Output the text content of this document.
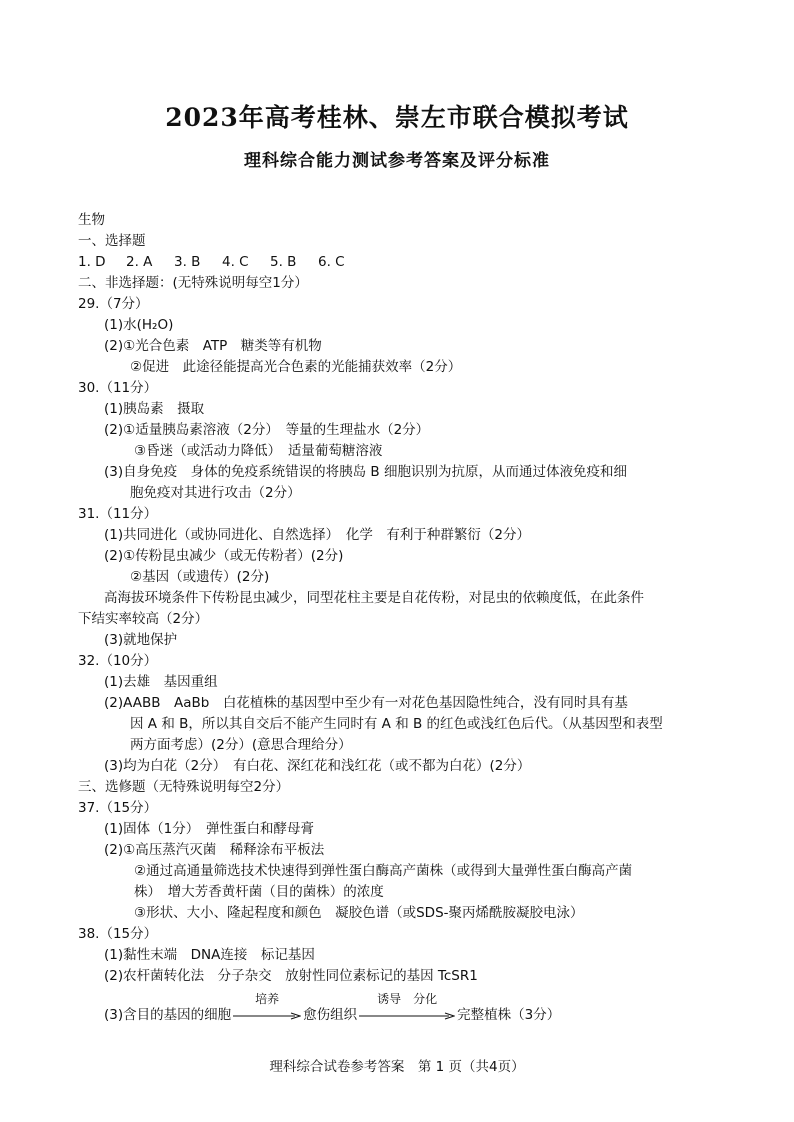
2023年高考桂林、崇左市联合模拟考试
理科综合能力测试参考答案及评分标准
生物
一、选择题
1. D 2. A 3. B 4. C 5. B 6. C
二、非选择题：(无特殊说明每空1分）
29.（7分）
(1)水(H₂O)
(2)①光合色素　ATP　糖类等有机物
②促进　此途径能提高光合色素的光能捕获效率（2分）
30.（11分）
(1)胰岛素　摄取
(2)①适量胰岛素溶液（2分）　等量的生理盐水（2分）
③昏迷（或活动力降低）　适量葡萄糖溶液
(3)自身免疫　身体的免疫系统错误的将胰岛 B 细胞识别为抗原，从而通过体液免疫和细
胞免疫对其进行攻击（2分）
31.（11分）
(1)共同进化（或协同进化、自然选择）　化学　有利于种群繁衍（2分）
(2)①传粉昆虫减少（或无传粉者）(2分)
②基因（或遗传）(2分)
高海拔环境条件下传粉昆虫减少，同型花柱主要是自花传粉，对昆虫的依赖度低，在此条件
下结实率较高（2分）
(3)就地保护
32.（10分）
(1)去雄　基因重组
(2)AABB　AaBb　白花植株的基因型中至少有一对花色基因隐性纯合，没有同时具有基
因 A 和 B，所以其自交后不能产生同时有 A 和 B 的红色或浅红色后代。（从基因型和表型
两方面考虑）(2分）(意思合理给分）
(3)均为白花（2分）　有白花、深红花和浅红花（或不都为白花）(2分）
三、选修题（无特殊说明每空2分）
37.（15分）
(1)固体（1分）　弹性蛋白和酵母膏
(2)①高压蒸汽灭菌　稀释涂布平板法
②通过高通量筛选技术快速得到弹性蛋白酶高产菌株（或得到大量弹性蛋白酶高产菌
株）　增大芳香黄杆菌（目的菌株）的浓度
③形状、大小、隆起程度和颜色　凝胶色谱（或SDS-聚丙烯酰胺凝胶电泳）
38.（15分）
(1)黏性末端　DNA连接　标记基因
(2)农杆菌转化法　分子杂交　放射性同位素标记的基因 TcSR1
(3)含目的基因的细胞
培养
愈伤组织
诱导　分化
完整植株（3分）
理科综合试卷参考答案　第 1 页（共4页）
